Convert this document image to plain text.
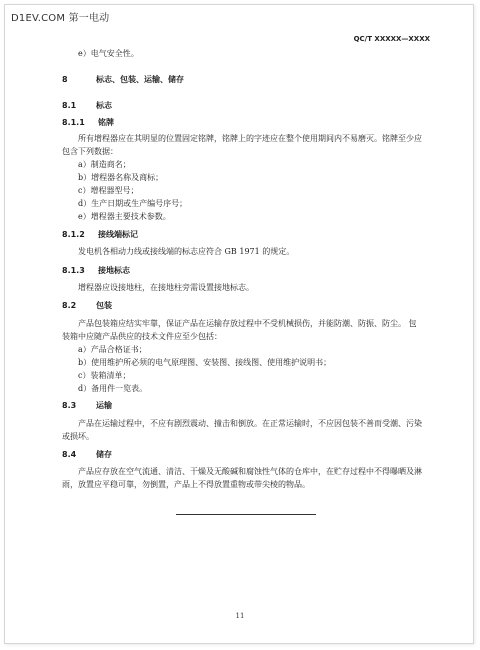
D1EV.COM 第一电动
QC/T XXXXX—XXXX
e）电气安全性。
8	标志、包装、运输、储存
8.1 标志
8.1.1 铭牌
所有增程器应在其明显的位置固定铭牌，铭牌上的字迹应在整个使用期间内不易磨灭。铭牌至少应
包含下列数据：
a）制造商名；
b）增程器名称及商标；
c）增程器型号；
d）生产日期或生产编号序号；
e）增程器主要技术参数。
8.1.2 接线端标记
发电机各相动力线或接线端的标志应符合 GB 1971 的规定。
8.1.3 接地标志
增程器应设接地柱，在接地柱旁需设置接地标志。
8.2 包装
产品包装箱应结实牢靠，保证产品在运输存放过程中不受机械损伤，并能防潮、防振、防尘。 包
装箱中应随产品供应的技术文件应至少包括：
a）产品合格证书；
b）使用维护所必须的电气原理图、安装图、接线图、使用维护说明书；
c）装箱清单；
d）备用件一览表。
8.3 运输
产品在运输过程中，不应有剧烈震动、撞击和倒放。在正常运输时，不应因包装不善而受潮、污染
或损坏。
8.4 储存
产品应存放在空气流通、清洁、干燥及无酸碱和腐蚀性气体的仓库中，在贮存过程中不得曝晒及淋
雨，放置应平稳可靠，勿倒置，产品上不得放置重物或带尖棱的物品。
11
